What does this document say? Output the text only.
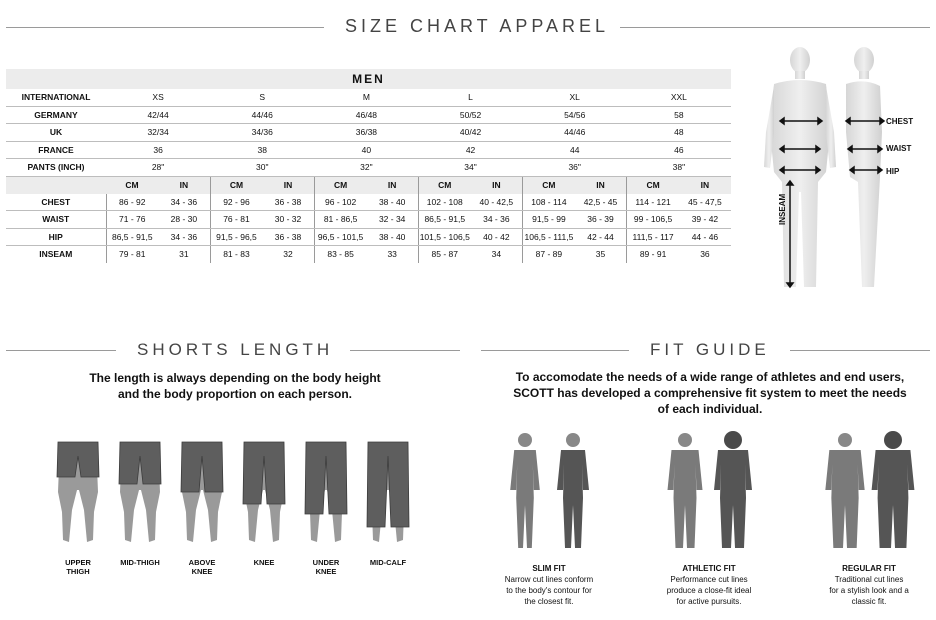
SIZE CHART APPAREL
MEN												
INTERNATIONAL	XS		S		M		L		XL		XXL	
GERMANY	42/44		44/46		46/48		50/52		54/56		58	
UK	32/34		34/36		36/38		40/42		44/46		48	
FRANCE	36		38		40		42		44		46	
PANTS (INCH)	28"		30"		32"		34"		36"		38"	
	CM	IN	CM	IN	CM	IN	CM	IN	CM	IN	CM	IN
CHEST	86 - 92	34 - 36	92 - 96	36 - 38	96 - 102	38 - 40	102 - 108	40 - 42,5	108 - 114	42,5 - 45	114 - 121	45 - 47,5
WAIST	71 - 76	28 - 30	76 - 81	30 - 32	81 - 86,5	32 - 34	86,5 - 91,5	34 - 36	91,5 - 99	36 - 39	99 - 106,5	39 - 42
HIP	86,5 - 91,5	34 - 36	91,5 - 96,5	36 - 38	96,5 - 101,5	38 - 40	101,5 - 106,5	40 - 42	106,5 - 111,5	42 - 44	111,5 - 117	44 - 46
INSEAM	79 - 81	31	81 - 83	32	83 - 85	33	85 - 87	34	87 - 89	35	89 - 91	36
CHEST
WAIST
HIP
INSEAM
SHORTS LENGTH
The length is always depending on the body height
and the body proportion on each person.
UPPER
THIGH
MID-THIGH	ABOVE
KNEE
KNEE	UNDER
KNEE
MID-CALF
FIT GUIDE
To accomodate the needs of a wide range of athletes and end users,
SCOTT has developed a comprehensive fit system to meet the needs
of each individual.
SLIM FIT
Narrow cut lines conform
to the body's contour for
the closest fit.
ATHLETIC FIT
Performance cut lines
produce a close-fit ideal
for active pursuits.
REGULAR FIT
Traditional cut lines
for a stylish look and a
classic fit.
